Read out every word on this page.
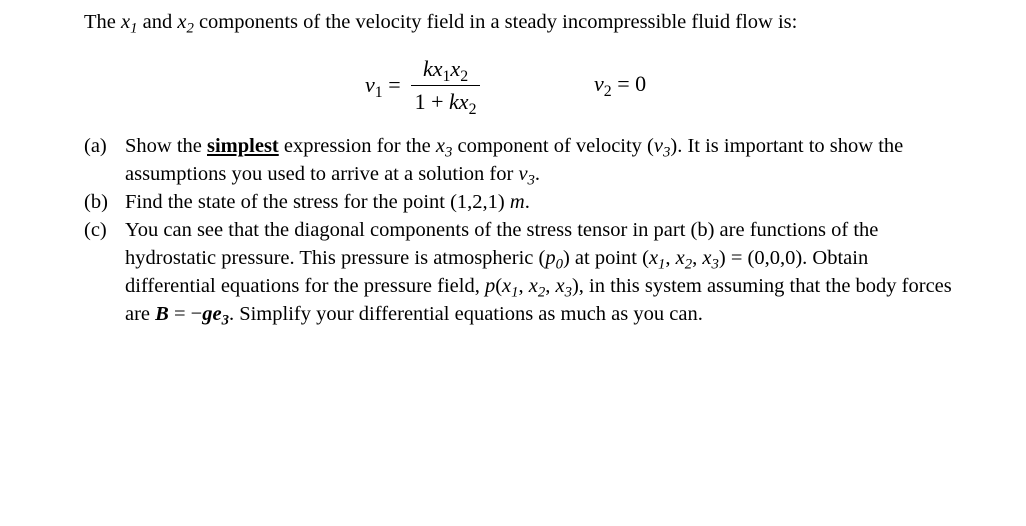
The $x_1$ and $x_2$ components of the velocity field in a steady incompressible fluid flow is:
$v_1 = \frac{kx_1x_2}{1 + kx_2}$	$v_2 = 0$
(a) Show the simplest expression for the $x_3$ component of velocity $(v_3)$. It is important to show the assumptions you used to arrive at a solution for $v_3$.
(b) Find the state of the stress for the point (1,2,1) m.
(c) You can see that the diagonal components of the stress tensor in part (b) are functions of the hydrostatic pressure. This pressure is atmospheric $(p_0)$ at point ($x_1$, $x_2$, $x_3) = (0,0,0)$. Obtain differential equations for the pressure field, $p(x_1$, $x_2$, $x_3$), in this system assuming that the body forces are $B = -ge_3$. Simplify your differential equations as much as you can.
